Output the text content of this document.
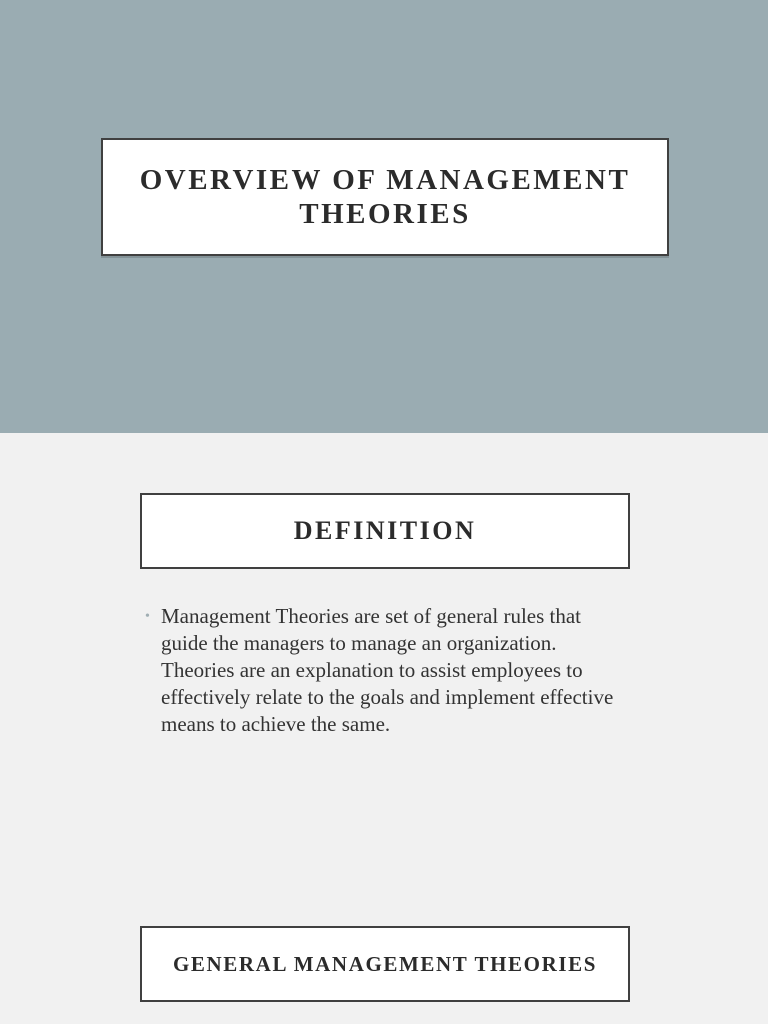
OVERVIEW OF MANAGEMENT THEORIES
DEFINITION
• Management Theories are set of general rules that guide the managers to manage an organization. Theories are an explanation to assist employees to effectively relate to the goals and implement effective means to achieve the same.
GENERAL MANAGEMENT THEORIES
